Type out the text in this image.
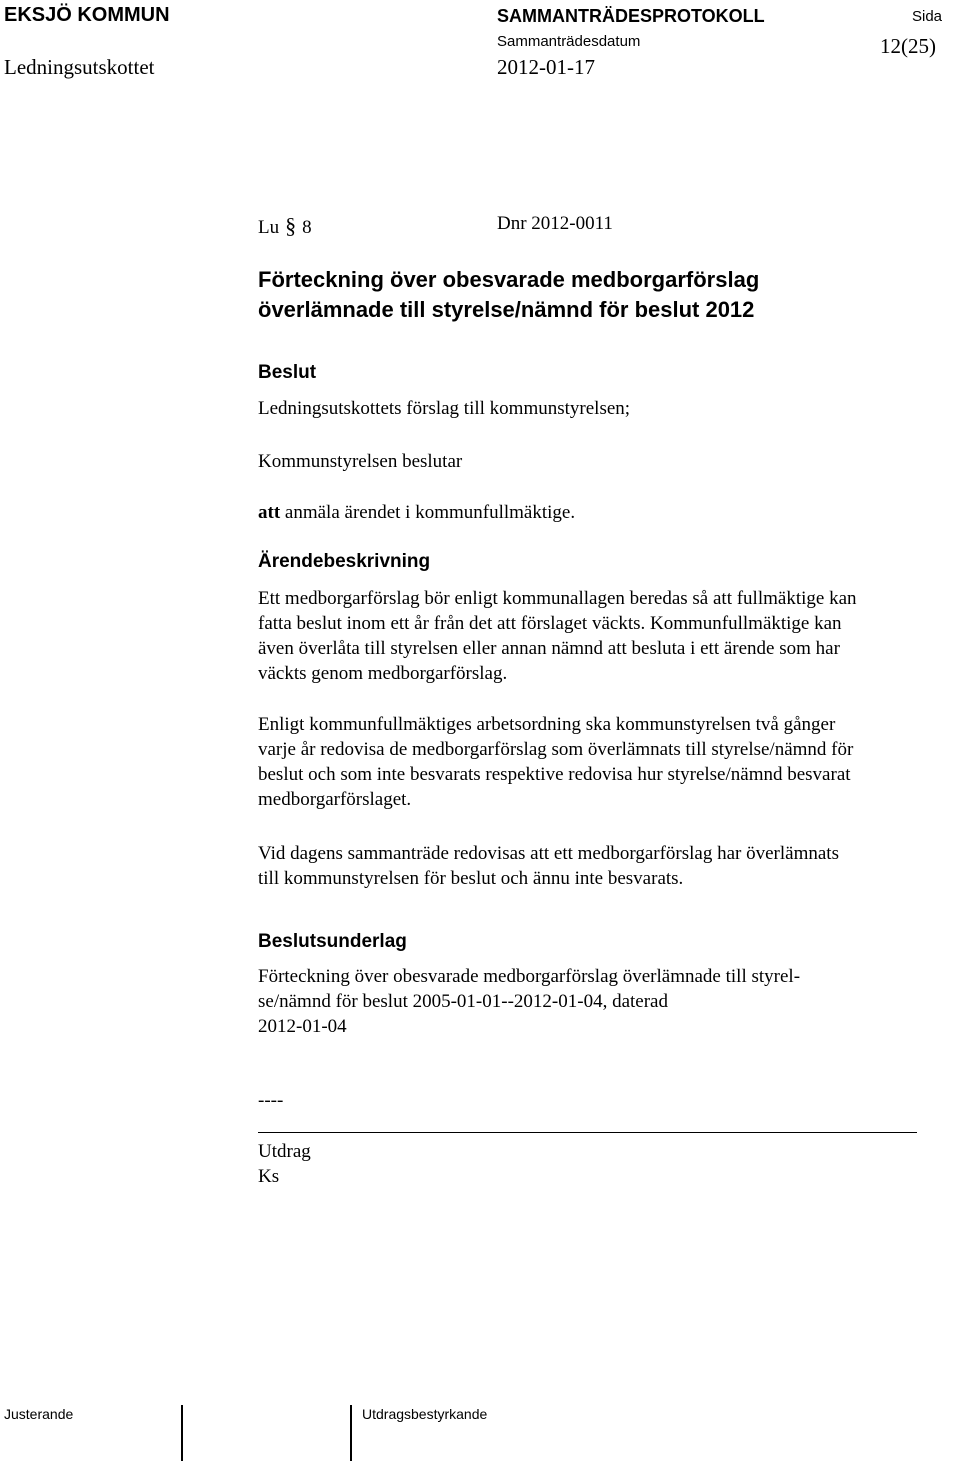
EKSJÖ KOMMUN	SAMMANTRÄDESPROTOKOLL	Sida
Sammanträdesdatum	12(25)
Ledningsutskottet	2012-01-17
Lu § 8	Dnr 2012-0011
Förteckning över obesvarade medborgarförslag
överlämnade till styrelse/nämnd för beslut 2012
Beslut
Ledningsutskottets förslag till kommunstyrelsen;
Kommunstyrelsen beslutar
att anmäla ärendet i kommunfullmäktige.
Ärendebeskrivning
Ett medborgarförslag bör enligt kommunallagen beredas så att fullmäktige kan
fatta beslut inom ett år från det att förslaget väckts. Kommunfullmäktige kan
även överlåta till styrelsen eller annan nämnd att besluta i ett ärende som har
väckts genom medborgarförslag.
Enligt kommunfullmäktiges arbetsordning ska kommunstyrelsen två gånger
varje år redovisa de medborgarförslag som överlämnats till styrelse/nämnd för
beslut och som inte besvarats respektive redovisa hur styrelse/nämnd besvarat
medborgarförslaget.
Vid dagens sammanträde redovisas att ett medborgarförslag har överlämnats
till kommunstyrelsen för beslut och ännu inte besvarats.
Beslutsunderlag
Förteckning över obesvarade medborgarförslag överlämnade till styrel-
se/nämnd för beslut 2005-01-01--2012-01-04, daterad
2012-01-04
----
Utdrag
Ks
Justerande	Utdragsbestyrkande
